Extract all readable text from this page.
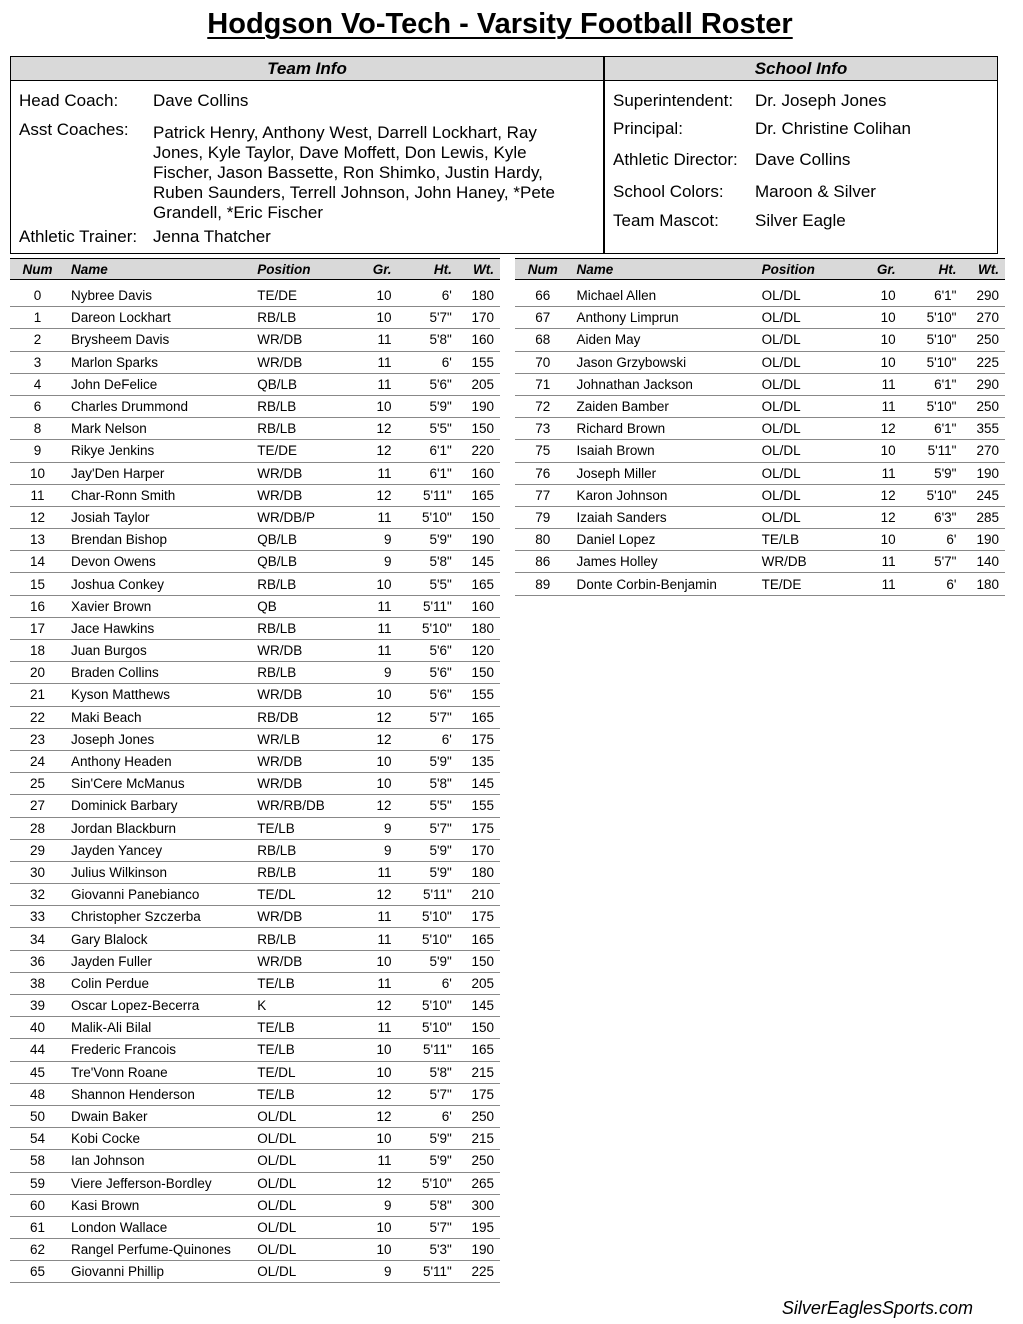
Hodgson Vo-Tech - Varsity Football Roster
Team Info
Head Coach: Dave Collins
Asst Coaches: Patrick Henry, Anthony West, Darrell Lockhart, Ray Jones, Kyle Taylor, Dave Moffett, Don Lewis, Kyle Fischer, Jason Bassette, Ron Shimko, Justin Hardy, Ruben Saunders, Terrell Johnson, John Haney, *Pete Grandell, *Eric Fischer
Athletic Trainer: Jenna Thatcher
School Info
Superintendent: Dr. Joseph Jones
Principal:	Dr. Christine Colihan
Athletic Director: Dave Collins
School Colors: Maroon & Silver
Team Mascot: Silver Eagle
Num	Name	Position	Gr.	Ht.	Wt.

0	Nybree Davis	TE/DE	10	6'	180
1	Dareon Lockhart	RB/LB	10	5'7"	170
2	Brysheem Davis	WR/DB	11	5'8"	160
3	Marlon Sparks	WR/DB	11	6'	155
4	John DeFelice	QB/LB	11	5'6"	205
6	Charles Drummond	RB/LB	10	5'9"	190
8	Mark Nelson	RB/LB	12	5'5"	150
9	Rikye Jenkins	TE/DE	12	6'1"	220
10	Jay'Den Harper	WR/DB	11	6'1"	160
11	Char-Ronn Smith	WR/DB	12	5'11"	165
12	Josiah Taylor	WR/DB/P	11	5'10"	150
13	Brendan Bishop	QB/LB	9	5'9"	190
14	Devon Owens	QB/LB	9	5'8"	145
15	Joshua Conkey	RB/LB	10	5'5"	165
16	Xavier Brown	QB	11	5'11"	160
17	Jace Hawkins	RB/LB	11	5'10"	180
18	Juan Burgos	WR/DB	11	5'6"	120
20	Braden Collins	RB/LB	9	5'6"	150
21	Kyson Matthews	WR/DB	10	5'6"	155
22	Maki Beach	RB/DB	12	5'7"	165
23	Joseph Jones	WR/LB	12	6'	175
24	Anthony Headen	WR/DB	10	5'9"	135
25	Sin'Cere McManus	WR/DB	10	5'8"	145
27	Dominick Barbary	WR/RB/DB	12	5'5"	155
28	Jordan Blackburn	TE/LB	9	5'7"	175
29	Jayden Yancey	RB/LB	9	5'9"	170
30	Julius Wilkinson	RB/LB	11	5'9"	180
32	Giovanni Panebianco	TE/DL	12	5'11"	210
33	Christopher Szczerba	WR/DB	11	5'10"	175
34	Gary Blalock	RB/LB	11	5'10"	165
36	Jayden Fuller	WR/DB	10	5'9"	150
38	Colin Perdue	TE/LB	11	6'	205
39	Oscar Lopez-Becerra	K	12	5'10"	145
40	Malik-Ali Bilal	TE/LB	11	5'10"	150
44	Frederic Francois	TE/LB	10	5'11"	165
45	Tre'Vonn Roane	TE/DL	10	5'8"	215
48	Shannon Henderson	TE/LB	12	5'7"	175
50	Dwain Baker	OL/DL	12	6'	250
54	Kobi Cocke	OL/DL	10	5'9"	215
58	Ian Johnson	OL/DL	11	5'9"	250
59	Viere Jefferson-Bordley	OL/DL	12	5'10"	265
60	Kasi Brown	OL/DL	9	5'8"	300
61	London Wallace	OL/DL	10	5'7"	195
62	Rangel Perfume-Quinones	OL/DL	10	5'3"	190
65	Giovanni Phillip	OL/DL	9	5'11"	225
Num	Name	Position	Gr.	Ht.	Wt.

66	Michael Allen	OL/DL	10	6'1"	290
67	Anthony Limprun	OL/DL	10	5'10"	270
68	Aiden May	OL/DL	10	5'10"	250
70	Jason Grzybowski	OL/DL	10	5'10"	225
71	Johnathan Jackson	OL/DL	11	6'1"	290
72	Zaiden Bamber	OL/DL	11	5'10"	250
73	Richard Brown	OL/DL	12	6'1"	355
75	Isaiah Brown	OL/DL	10	5'11"	270
76	Joseph Miller	OL/DL	11	5'9"	190
77	Karon Johnson	OL/DL	12	5'10"	245
79	Izaiah Sanders	OL/DL	12	6'3"	285
80	Daniel Lopez	TE/LB	10	6'	190
86	James Holley	WR/DB	11	5'7"	140
89	Donte Corbin-Benjamin	TE/DE	11	6'	180
SilverEaglesSports.com
